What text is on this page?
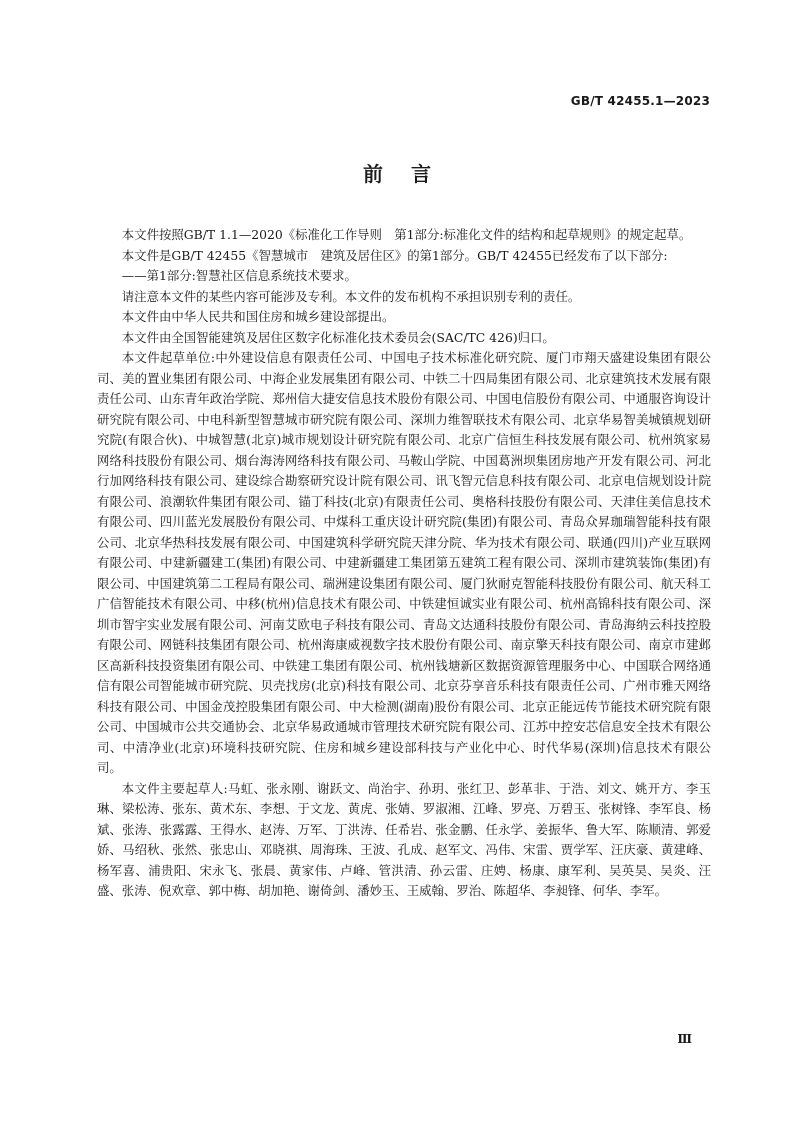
GB/T 42455.1—2023
前言

本文件按照GB/T 1.1—2020《标准化工作导则　第1部分:标准化文件的结构和起草规则》的规定起草。

本文件是GB/T 42455《智慧城市　建筑及居住区》的第1部分。GB/T 42455已经发布了以下部分:

——第1部分:智慧社区信息系统技术要求。

请注意本文件的某些内容可能涉及专利。本文件的发布机构不承担识别专利的责任。

本文件由中华人民共和国住房和城乡建设部提出。

本文件由全国智能建筑及居住区数字化标准化技术委员会(SAC/TC 426)归口。

本文件起草单位:中外建设信息有限责任公司、中国电子技术标准化研究院、厦门市翔天盛建设集团有限公司、美的置业集团有限公司、中海企业发展集团有限公司、中铁二十四局集团有限公司、北京建筑技术发展有限责任公司、山东青年政治学院、郑州信大捷安信息技术股份有限公司、中国电信股份有限公司、中通服咨询设计研究院有限公司、中电科新型智慧城市研究院有限公司、深圳力维智联技术有限公司、北京华易智美城镇规划研究院(有限合伙)、中城智慧(北京)城市规划设计研究院有限公司、北京广信恒生科技发展有限公司、杭州筑家易网络科技股份有限公司、烟台海涛网络科技有限公司、马鞍山学院、中国葛洲坝集团房地产开发有限公司、河北行加网络科技有限公司、建设综合勘察研究设计院有限公司、讯飞智元信息科技有限公司、北京电信规划设计院有限公司、浪潮软件集团有限公司、锚丁科技(北京)有限责任公司、奥格科技股份有限公司、天津住美信息技术有限公司、四川蓝光发展股份有限公司、中煤科工重庆设计研究院(集团)有限公司、青岛众昇珈瑞智能科技有限公司、北京华热科技发展有限公司、中国建筑科学研究院天津分院、华为技术有限公司、联通(四川)产业互联网有限公司、中建新疆建工(集团)有限公司、中建新疆建工集团第五建筑工程有限公司、深圳市建筑装饰(集团)有限公司、中国建筑第二工程局有限公司、瑞洲建设集团有限公司、厦门狄耐克智能科技股份有限公司、航天科工广信智能技术有限公司、中移(杭州)信息技术有限公司、中铁建恒诚实业有限公司、杭州高锦科技有限公司、深圳市智宇实业发展有限公司、河南艾欧电子科技有限公司、青岛文达通科技股份有限公司、青岛海纳云科技控股有限公司、网链科技集团有限公司、杭州海康威视数字技术股份有限公司、南京擎天科技有限公司、南京市建邺区高新科技投资集团有限公司、中铁建工集团有限公司、杭州钱塘新区数据资源管理服务中心、中国联合网络通信有限公司智能城市研究院、贝壳找房(北京)科技有限公司、北京芬享音乐科技有限责任公司、广州市雅天网络科技有限公司、中国金茂控股集团有限公司、中大检测(湖南)股份有限公司、北京正能远传节能技术研究院有限公司、中国城市公共交通协会、北京华易政通城市管理技术研究院有限公司、江苏中控安芯信息安全技术有限公司、中清净业(北京)环境科技研究院、住房和城乡建设部科技与产业化中心、时代华易(深圳)信息技术有限公司。

本文件主要起草人:马虹、张永刚、谢跃文、尚治宇、孙玥、张红卫、彭革非、于浩、刘文、姚开方、李玉琳、梁松涛、张东、黄术东、李想、于文龙、黄虎、张婧、罗淑湘、江峰、罗亮、万碧玉、张树锋、李军良、杨斌、张涛、张露露、王得水、赵涛、万军、丁洪涛、任希岩、张金鹏、任永学、姜振华、鲁大军、陈顺清、郭爱娇、马绍秋、张然、张忠山、邓晓祺、周海珠、王波、孔成、赵军文、冯伟、宋雷、贾学军、汪庆豪、黄建峰、杨军喜、浦贵阳、宋永飞、张晨、黄家伟、卢峰、管洪清、孙云雷、庄娉、杨康、康军利、吴英昊、吴炎、汪盛、张涛、倪欢章、郭中梅、胡加艳、谢倚剑、潘妙玉、王威翰、罗治、陈超华、李昶锋、何华、李军。

Ⅲ
